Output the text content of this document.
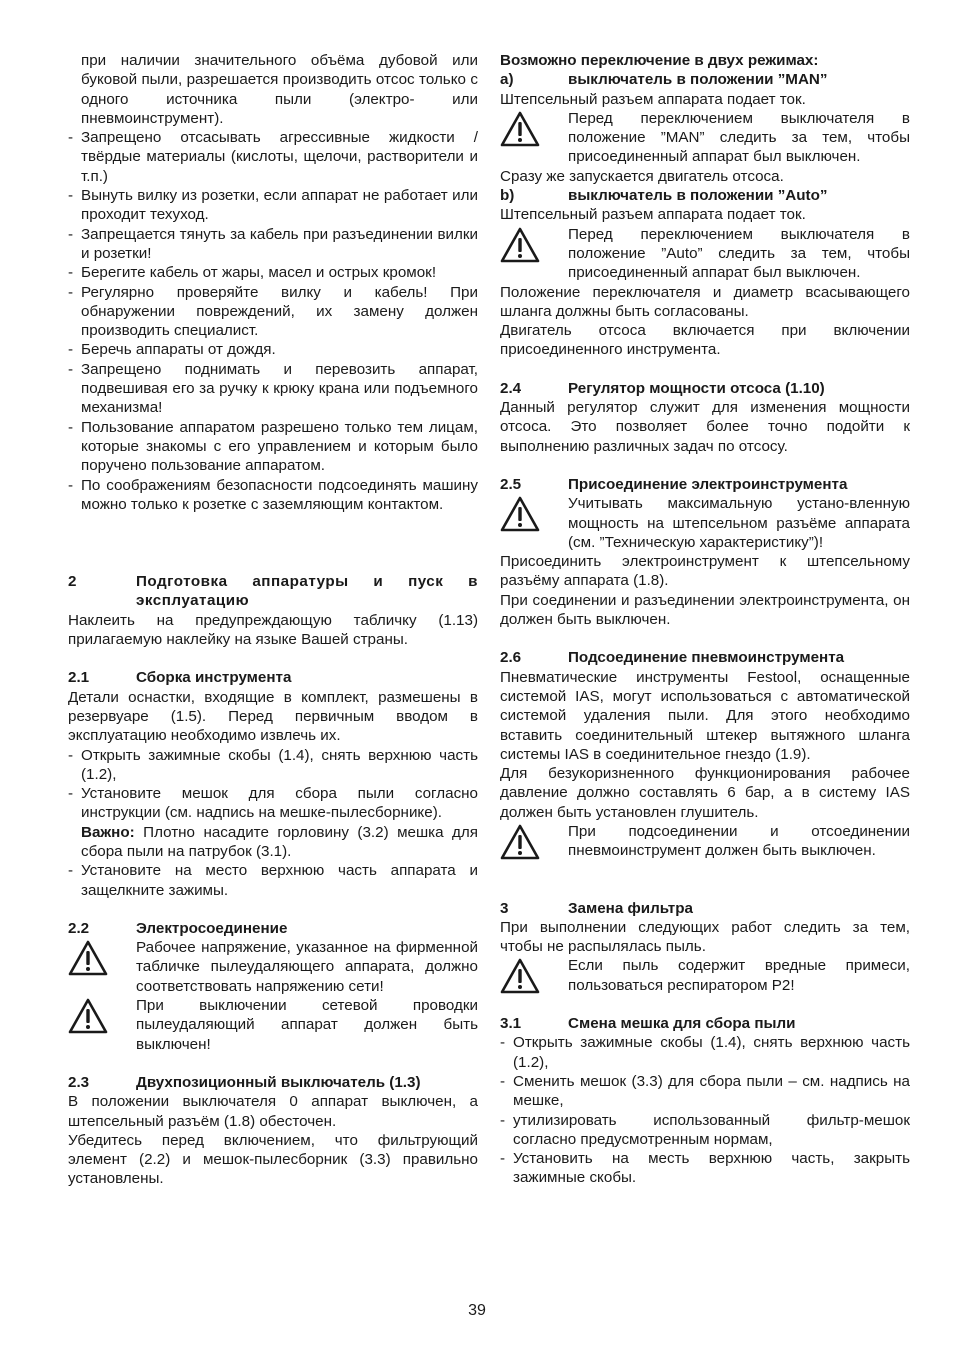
при наличии значительного объёма дубовой или буковой пыли, разрешается производить отсос только с одного источника пыли (электро- или пневмоинструмент).

- Запрещено отсасывать агрессивные жидкости / твёрдые материалы (кислоты, щелочи, растворители и т.п.)
- Вынуть вилку из розетки, если аппарат не работает или проходит техуход.
- Запрещается тянуть за кабель при разъединении вилки и розетки!
- Берегите кабель от жары, масел и острых кромок!
- Регулярно проверяйте вилку и кабель! При обнаружении повреждений, их замену должен производить специалист.
- Беречь аппараты от дождя.
- Запрещено поднимать и перевозить аппарат, подвешивая его за ручку к крюку крана или подъемного механизма!
- Пользование аппаратом разрешено только тем лицам, которые знакомы с его управлением и которым было поручено пользование аппаратом.
- По соображениям безопасности подсоединять машину можно только к розетке с заземляющим контактом.
2	Подготовка аппаратуры и пуск в эксплуатацию

Наклеить на предупреждающую табличку (1.13) прилагаемую наклейку на языке Вашей страны.

2.1	Сборка инструмента

Детали оснастки, входящие в комплект, размешены в резервуаре (1.5). Перед первичным вводом в эксплуатацию необходимо извлечь их.

- Открыть зажимные скобы (1.4), снять верхнюю часть (1.2),
- Установите мешок для сбора пыли согласно инструкции (см. надпись на мешке-пылесборнике).

Важно: Плотно насадите горловину (3.2) мешка для сбора пыли на патрубок (3.1).

- Установите на место верхнюю часть аппарата и защелкните зажимы.
2.2	Электросоединение
Рабочее напряжение, указанное на фирменной табличке пылеудаляющего аппарата, должно соответствовать напряжению сети!
При выключении сетевой проводки пылеудаляющий аппарат должен быть выключен!
2.3	Двухпозиционный выключатель (1.3)

В положении выключателя 0 аппарат выключен, а штепсельный разъём (1.8) обесточен.

Убедитесь перед включением, что фильтрующий элемент (2.2) и мешок-пылесборник (3.3) правильно установлены.

Возможно переключение в двух режимах:

a)	выключатель в положении ”MAN”

Штепсельный разъем аппарата подает ток.

Перед переключением выключателя в положение ”MAN” следить за тем, чтобы присоединенный аппарат был выключен.

Сразу же запускается двигатель отсоса.

b)	выключатель в положении ”Auto”

Штепсельный разъем аппарата подает ток.

Перед переключением выключателя в положение ”Auto” следить за тем, чтобы присоединенный аппарат был выключен.

Положение переключателя и диаметр всасывающего шланга должны быть согласованы.

Двигатель отсоса включается при включении присоединенного инструмента.

2.4	Регулятор мощности отсоса (1.10)

Данный регулятор служит для изменения мощности отсоса. Это позволяет более точно подойти к выполнению различных задач по отсосу.

2.5	Присоединение электроинструмента
Учитывать максимальную устано-вленную мощность на штепсельном разъёме аппарата (см. ”Техническую характеристику”)!

Присоединить электроинструмент к штепсельному разъёму аппарата (1.8).

При соединении и разъединении электроинструмента, он должен быть выключен.

2.6	Подсоединение пневмоинструмента

Пневматические инструменты Festool, оснащенные системой IAS, могут использоваться с автоматической системой удаления пыли. Для этого необходимо вставить соединительный штекер вытяжного шланга системы IAS в соединительное гнездо (1.9).

Для безукоризненного функционирования рабочее давление должно составлять 6 бар, а в систему IAS должен быть установлен глушитель.

При подсоединении и отсоединении пневмоинструмент должен быть выключен.
3	Замена фильтра

При выполнении следующих работ следить за тем, чтобы не распылялась пыль.

Если пыль содержит вредные примеси, пользоваться респиратором P2!
3.1	Смена мешка для сбора пыли
- Открыть зажимные скобы (1.4), снять верхнюю часть (1.2),
- Сменить мешок (3.3) для сбора пыли – см. надпись на мешке,
- утилизировать использованный фильтр-мешок согласно предусмотренным нормам,
- Установить на месть верхнюю часть, закрыть зажимные скобы.
39
